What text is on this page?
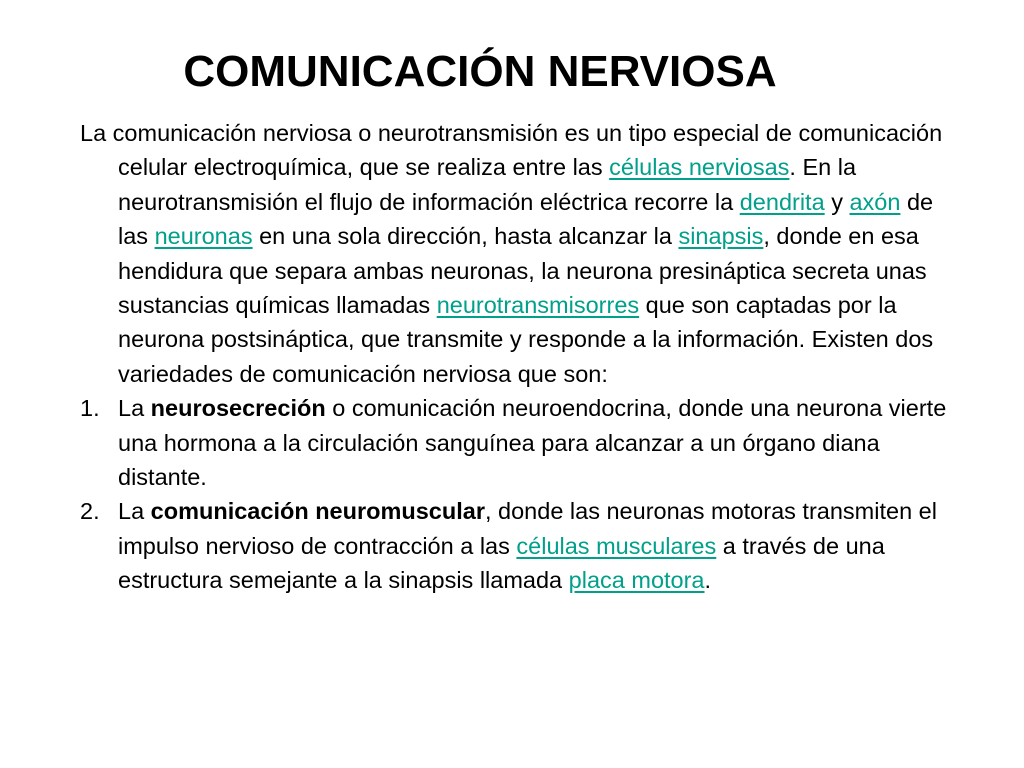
COMUNICACIÓN NERVIOSA

La comunicación nerviosa o neurotransmisión es un tipo especial de comunicación celular electroquímica, que se realiza entre las células nerviosas. En la neurotransmisión el flujo de información eléctrica recorre la dendrita y axón de las neuronas en una sola dirección, hasta alcanzar la sinapsis, donde en esa hendidura que separa ambas neuronas, la neurona presináptica secreta unas sustancias químicas llamadas neurotransmisorres que son captadas por la neurona postsináptica, que transmite y responde a la información. Existen dos variedades de comunicación nerviosa que son:

1. La neurosecreción o comunicación neuroendocrina, donde una neurona vierte una hormona a la circulación sanguínea para alcanzar a un órgano diana distante.

2. La comunicación neuromuscular, donde las neuronas motoras transmiten el impulso nervioso de contracción a las células musculares a través de una estructura semejante a la sinapsis llamada placa motora.
